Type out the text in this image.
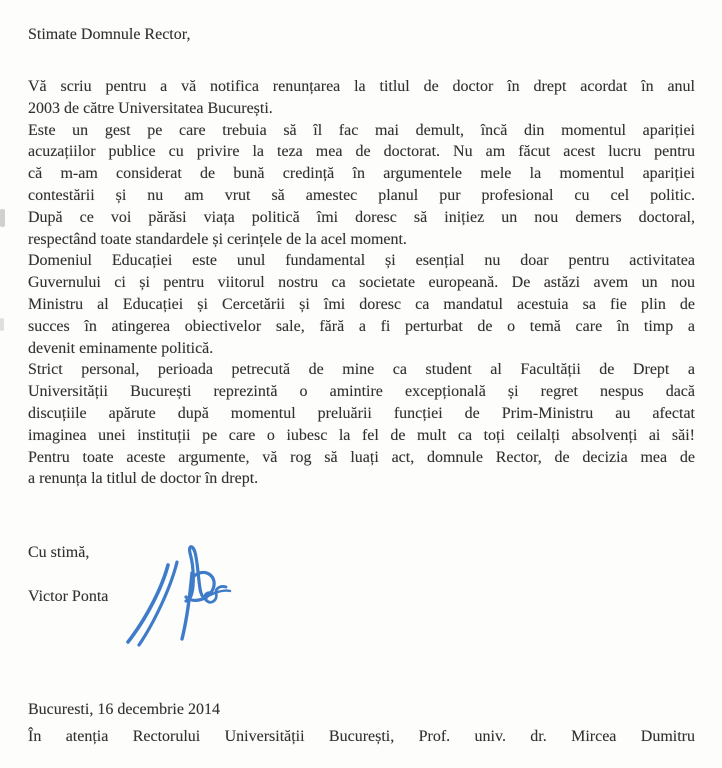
Stimate Domnule Rector,
Vă scriu pentru a vă notifica renunțarea la titlul de doctor în drept acordat în anul
2003 de către Universitatea București.
Este un gest pe care trebuia să îl fac mai demult, încă din momentul apariției
acuzațiilor publice cu privire la teza mea de doctorat. Nu am făcut acest lucru pentru
că m-am considerat de bună credință în argumentele mele la momentul apariției
contestării și nu am vrut să amestec planul pur profesional cu cel politic.
După ce voi părăsi viața politică îmi doresc să inițiez un nou demers doctoral,
respectând toate standardele și cerințele de la acel moment.
Domeniul Educației este unul fundamental și esențial nu doar pentru activitatea
Guvernului ci și pentru viitorul nostru ca societate europeană. De astăzi avem un nou
Ministru al Educației și Cercetării și îmi doresc ca mandatul acestuia sa fie plin de
succes în atingerea obiectivelor sale, fără a fi perturbat de o temă care în timp a
devenit eminamente politică.
Strict personal, perioada petrecută de mine ca student al Facultății de Drept a
Universității București reprezintă o amintire excepțională și regret nespus dacă
discuțiile apărute după momentul preluării funcției de Prim-Ministru au afectat
imaginea unei instituții pe care o iubesc la fel de mult ca toți ceilalți absolvenți ai săi!
Pentru toate aceste argumente, vă rog să luați act, domnule Rector, de decizia mea de
a renunța la titlul de doctor în drept.
Cu stimă,
Victor Ponta
Bucuresti, 16 decembrie 2014
În atenția Rectorului Universității București, Prof. univ. dr. Mircea Dumitru
